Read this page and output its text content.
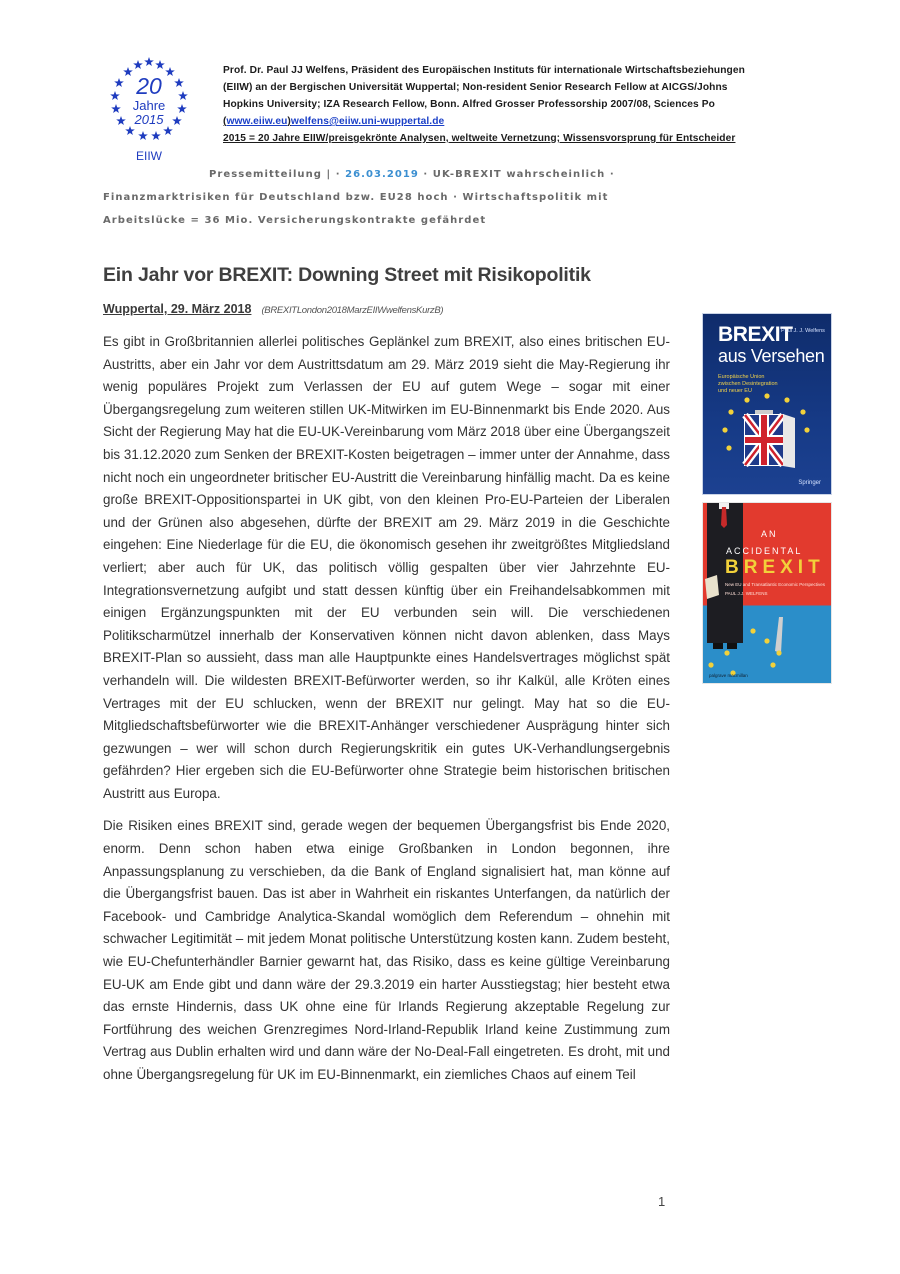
20
Jahre
2015
EIIW
Prof. Dr. Paul JJ Welfens, Präsident des Europäischen Instituts für internationale Wirtschaftsbeziehungen
(EIIW) an der Bergischen Universität Wuppertal; Non-resident Senior Research Fellow at AICGS/Johns
Hopkins University; IZA Research Fellow, Bonn. Alfred Grosser Professorship 2007/08, Sciences Po
(www.eiiw.eu)welfens@eiiw.uni-wuppertal.de
2015 = 20 Jahre EIIW/preisgekrönte Analysen, weltweite Vernetzung; Wissensvorsprung für Entscheider
Pressemitteilung | · 26.03.2019 · UK-BREXIT wahrscheinlich ·
Finanzmarktrisiken für Deutschland bzw. EU28 hoch · Wirtschaftspolitik mit
Arbeitslücke = 36 Mio. Versicherungskontrakte gefährdet
Ein Jahr vor BREXIT: Downing Street mit Risikopolitik
Wuppertal, 29. März 2018 (BREXITLondon2018MarzEIIWwelfensKurzB)

Es gibt in Großbritannien allerlei politisches Geplänkel zum BREXIT, also eines britischen EU-Austritts, aber ein Jahr vor dem Austrittsdatum am 29. März 2019 sieht die May-Regierung ihr wenig populäres Projekt zum Verlassen der EU auf gutem Wege – sogar mit einer Übergangsregelung zum weiteren stillen UK-Mitwirken im EU-Binnenmarkt bis Ende 2020. Aus Sicht der Regierung May hat die EU-UK-Vereinbarung vom März 2018 über eine Übergangszeit bis 31.12.2020 zum Senken der BREXIT-Kosten beigetragen – immer unter der Annahme, dass nicht noch ein ungeordneter britischer EU-Austritt die Vereinbarung hinfällig macht. Da es keine große BREXIT-Oppositionspartei in UK gibt, von den kleinen Pro-EU-Parteien der Liberalen und der Grünen also abgesehen, dürfte der BREXIT am 29. März 2019 in die Geschichte eingehen: Eine Niederlage für die EU, die ökonomisch gesehen ihr zweitgrößtes Mitgliedsland verliert; aber auch für UK, das politisch völlig gespalten über vier Jahrzehnte EU-Integrationsvernetzung aufgibt und statt dessen künftig über ein Freihandelsabkommen mit einigen Ergänzungspunkten mit der EU verbunden sein will. Die verschiedenen Politikscharmützel innerhalb der Konservativen können nicht davon ablenken, dass Mays BREXIT-Plan so aussieht, dass man alle Hauptpunkte eines Handelsvertrages möglichst spät verhandeln will. Die wildesten BREXIT-Befürworter werden, so ihr Kalkül, alle Kröten eines Vertrages mit der EU schlucken, wenn der BREXIT nur gelingt. May hat so die EU-Mitgliedschaftsbefürworter wie die BREXIT-Anhänger verschiedener Ausprägung hinter sich gezwungen – wer will schon durch Regierungskritik ein gutes UK-Verhandlungsergebnis gefährden? Hier ergeben sich die EU-Befürworter ohne Strategie beim historischen britischen Austritt aus Europa.

Die Risiken eines BREXIT sind, gerade wegen der bequemen Übergangsfrist bis Ende 2020, enorm. Denn schon haben etwa einige Großbanken in London begonnen, ihre Anpassungsplanung zu verschieben, da die Bank of England signalisiert hat, man könne auf die Übergangsfrist bauen. Das ist aber in Wahrheit ein riskantes Unterfangen, da natürlich der Facebook- und Cambridge Analytica-Skandal womöglich dem Referendum – ohnehin mit schwacher Legitimität – mit jedem Monat politische Unterstützung kosten kann. Zudem besteht, wie EU-Chefunterhändler Barnier gewarnt hat, das Risiko, dass es keine gültige Vereinbarung EU-UK am Ende gibt und dann wäre der 29.3.2019 ein harter Ausstiegstag; hier besteht etwa das ernste Hindernis, dass UK ohne eine für Irlands Regierung akzeptable Regelung zur Fortführung des weichen Grenzregimes Nord-Irland-Republik Irland keine Zustimmung zum Vertrag aus Dublin erhalten wird und dann wäre der No-Deal-Fall eingetreten. Es droht, mit und ohne Übergangsregelung für UK im EU-Binnenmarkt, ein ziemliches Chaos auf einem Teil

BREXIT
Paul J. J. Welfens
aus Versehen
Europäische Union zwischen Desintegration und neuer EU
Springer
AN
ACCIDENTAL
BREXIT
New EU and Transatlantic Economic Perspectives
PAUL J.J. WELFENS
palgrave macmillan
1
